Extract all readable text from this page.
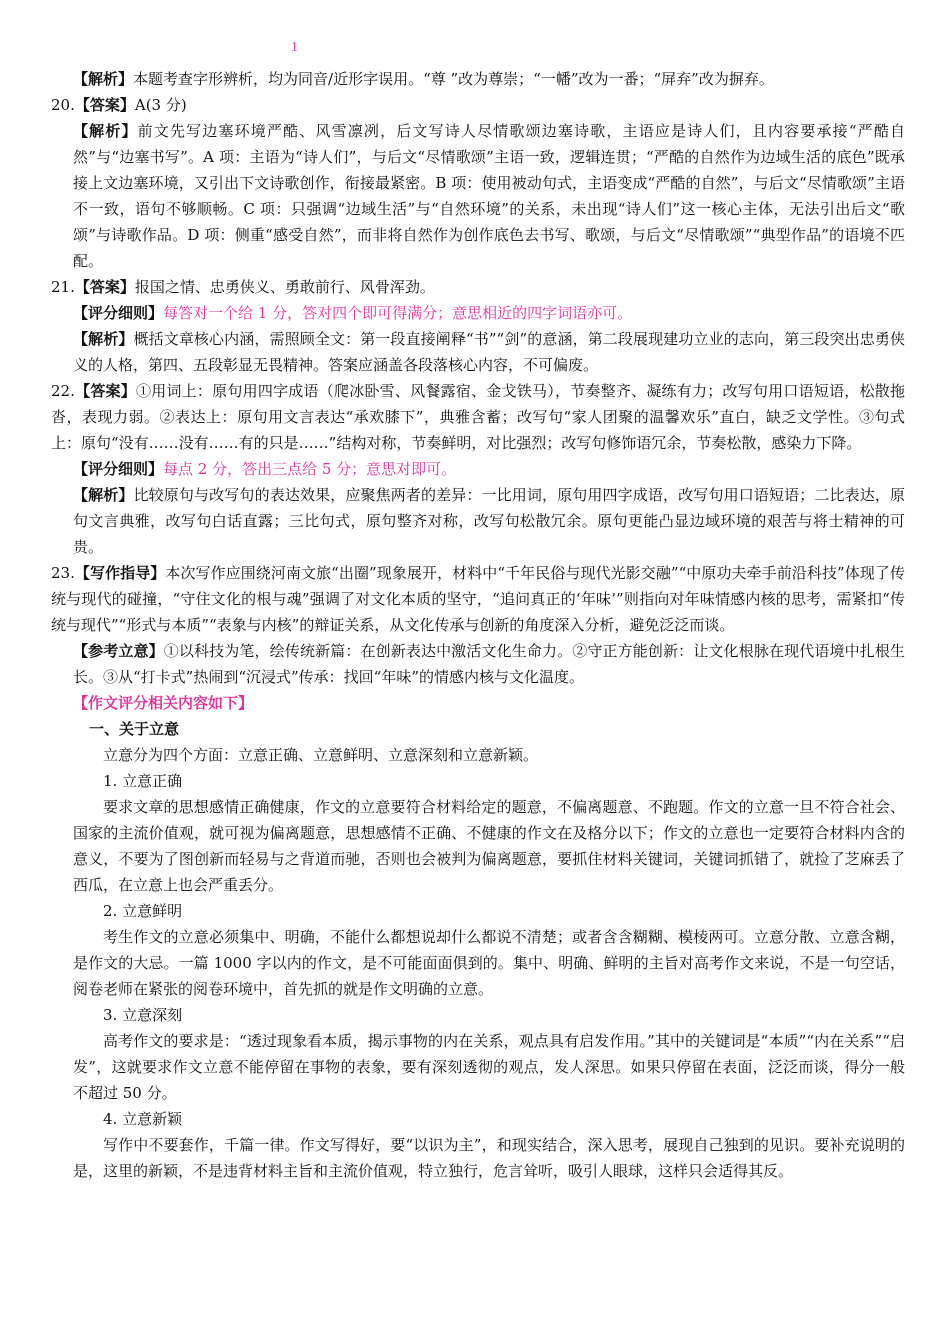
1

【解析】本题考查字形辨析，均为同音/近形字误用。“尊 ”改为尊崇；“一幡”改为一番；“屏弃”改为摒弃。

20.【答案】A(3 分)

【解析】前文先写边塞环境严酷、风雪凛冽，后文写诗人尽情歌颂边塞诗歌，主语应是诗人们，且内容要承接“严酷自然”与“边塞书写”。A 项：主语为“诗人们”，与后文“尽情歌颂”主语一致，逻辑连贯；“严酷的自然作为边域生活的底色”既承接上文边塞环境，又引出下文诗歌创作，衔接最紧密。B 项：使用被动句式，主语变成“严酷的自然”，与后文“尽情歌颂”主语不一致，语句不够顺畅。C 项：只强调“边域生活”与“自然环境”的关系，未出现“诗人们”这一核心主体，无法引出后文“歌颂”与诗歌作品。D 项：侧重“感受自然”，而非将自然作为创作底色去书写、歌颂，与后文“尽情歌颂”“典型作品”的语境不匹配。

21.【答案】报国之情、忠勇侠义、勇敢前行、风骨浑劲。

【评分细则】每答对一个给 1 分，答对四个即可得满分；意思相近的四字词语亦可。

【解析】概括文章核心内涵，需照顾全文：第一段直接阐释“书”“剑”的意涵，第二段展现建功立业的志向，第三段突出忠勇侠义的人格，第四、五段彰显无畏精神。答案应涵盖各段落核心内容，不可偏废。

22.【答案】①用词上：原句用四字成语（爬冰卧雪、风餐露宿、金戈铁马），节奏整齐、凝练有力；改写句用口语短语，松散拖沓，表现力弱。②表达上：原句用文言表达“承欢膝下”，典雅含蓄；改写句“家人团聚的温馨欢乐”直白，缺乏文学性。③句式上：原句“没有……没有……有的只是……”结构对称，节奏鲜明，对比强烈；改写句修饰语冗余，节奏松散，感染力下降。

【评分细则】每点 2 分，答出三点给 5 分；意思对即可。

【解析】比较原句与改写句的表达效果，应聚焦两者的差异：一比用词，原句用四字成语，改写句用口语短语；二比表达，原句文言典雅，改写句白话直露；三比句式，原句整齐对称，改写句松散冗余。原句更能凸显边域环境的艰苦与将士精神的可贵。

23.【写作指导】本次写作应围绕河南文旅“出圈”现象展开，材料中“千年民俗与现代光影交融”“中原功夫牵手前沿科技”体现了传统与现代的碰撞，“守住文化的根与魂”强调了对文化本质的坚守，“追问真正的‘年味’”则指向对年味情感内核的思考，需紧扣“传统与现代”“形式与本质”“表象与内核”的辩证关系，从文化传承与创新的角度深入分析，避免泛泛而谈。

【参考立意】①以科技为笔，绘传统新篇：在创新表达中激活文化生命力。②守正方能创新：让文化根脉在现代语境中扎根生长。③从“打卡式”热闹到“沉浸式”传承：找回“年味”的情感内核与文化温度。

【作文评分相关内容如下】

一、关于立意

立意分为四个方面：立意正确、立意鲜明、立意深刻和立意新颖。

1. 立意正确

要求文章的思想感情正确健康，作文的立意要符合材料给定的题意，不偏离题意、不跑题。作文的立意一旦不符合社会、国家的主流价值观，就可视为偏离题意，思想感情不正确、不健康的作文在及格分以下；作文的立意也一定要符合材料内含的意义，不要为了图创新而轻易与之背道而驰，否则也会被判为偏离题意，要抓住材料关键词，关键词抓错了，就捡了芝麻丢了西瓜，在立意上也会严重丢分。

2. 立意鲜明

考生作文的立意必须集中、明确，不能什么都想说却什么都说不清楚；或者含含糊糊、模棱两可。立意分散、立意含糊，是作文的大忌。一篇 1000 字以内的作文，是不可能面面俱到的。集中、明确、鲜明的主旨对高考作文来说，不是一句空话，阅卷老师在紧张的阅卷环境中，首先抓的就是作文明确的立意。

3. 立意深刻

高考作文的要求是：“透过现象看本质，揭示事物的内在关系，观点具有启发作用。”其中的关键词是“本质”“内在关系”“启发”，这就要求作文立意不能停留在事物的表象，要有深刻透彻的观点，发人深思。如果只停留在表面，泛泛而谈，得分一般不超过 50 分。

4. 立意新颖

写作中不要套作，千篇一律。作文写得好，要“以识为主”，和现实结合，深入思考，展现自己独到的见识。要补充说明的是，这里的新颖，不是违背材料主旨和主流价值观，特立独行，危言耸听，吸引人眼球，这样只会适得其反。
